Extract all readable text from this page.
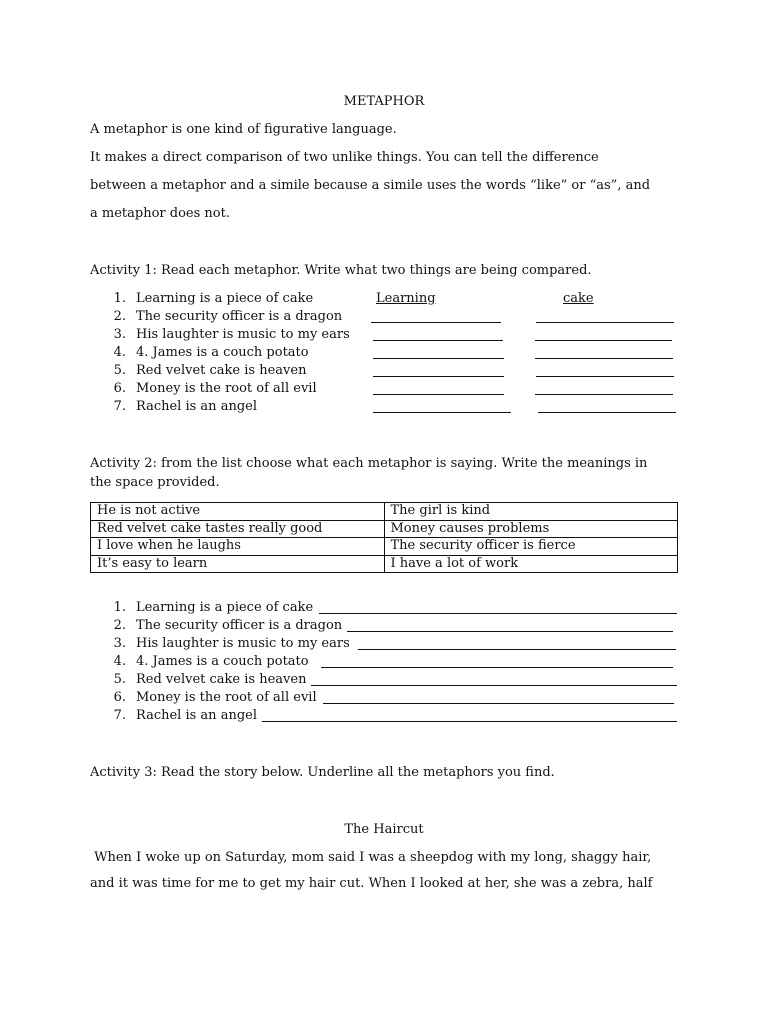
METAPHOR
A metaphor is one kind of figurative language.
It makes a direct comparison of two unlike things. You can tell the difference
between a metaphor and a simile because a simile uses the words “like” or “as”, and
a metaphor does not.
Activity 1: Read each metaphor. Write what two things are being compared.
1. Learning is a piece of cake	Learning	cake
2. The security officer is a dragon
3. His laughter is music to my ears
4. 4. James is a couch potato
5. Red velvet cake is heaven
6. Money is the root of all evil
7. Rachel is an angel
Activity 2: from the list choose what each metaphor is saying. Write the meanings in
the space provided.
He is not active	The girl is kind
Red velvet cake tastes really good	Money causes problems
I love when he laughs	The security officer is fierce
It’s easy to learn	I have a lot of work
1. Learning is a piece of cake
2. The security officer is a dragon
3. His laughter is music to my ears
4. 4. James is a couch potato
5. Red velvet cake is heaven
6. Money is the root of all evil
7. Rachel is an angel
Activity 3: Read the story below. Underline all the metaphors you find.
The Haircut
When I woke up on Saturday, mom said I was a sheepdog with my long, shaggy hair,
and it was time for me to get my hair cut. When I looked at her, she was a zebra, half
